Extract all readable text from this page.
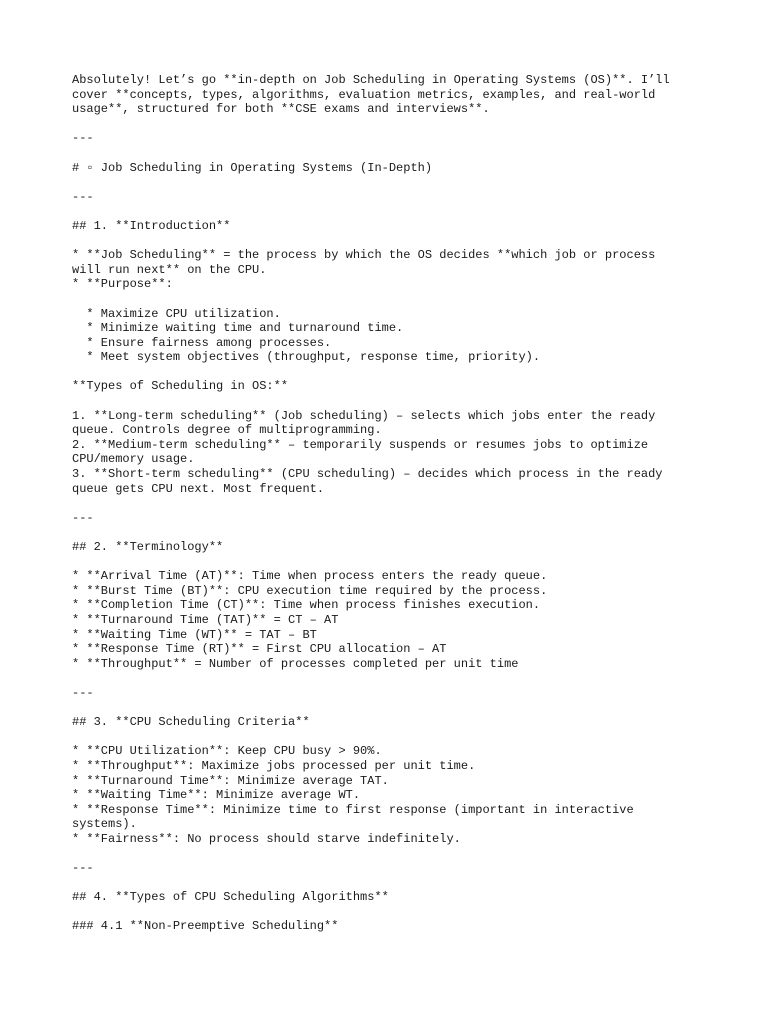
Absolutely! Let’s go **in-depth on Job Scheduling in Operating Systems (OS)**. I’ll
cover **concepts, types, algorithms, evaluation metrics, examples, and real-world
usage**, structured for both **CSE exams and interviews**.
---
# ▫ Job Scheduling in Operating Systems (In-Depth)
---
## 1. **Introduction**
* **Job Scheduling** = the process by which the OS decides **which job or process
will run next** on the CPU.
* **Purpose**:
* Maximize CPU utilization.
* Minimize waiting time and turnaround time.
* Ensure fairness among processes.
* Meet system objectives (throughput, response time, priority).
**Types of Scheduling in OS:**
1. **Long-term scheduling** (Job scheduling) – selects which jobs enter the ready
queue. Controls degree of multiprogramming.
2. **Medium-term scheduling** – temporarily suspends or resumes jobs to optimize
CPU/memory usage.
3. **Short-term scheduling** (CPU scheduling) – decides which process in the ready
queue gets CPU next. Most frequent.
---
## 2. **Terminology**
* **Arrival Time (AT)**: Time when process enters the ready queue.
* **Burst Time (BT)**: CPU execution time required by the process.
* **Completion Time (CT)**: Time when process finishes execution.
* **Turnaround Time (TAT)** = CT – AT
* **Waiting Time (WT)** = TAT – BT
* **Response Time (RT)** = First CPU allocation – AT
* **Throughput** = Number of processes completed per unit time
---
## 3. **CPU Scheduling Criteria**
* **CPU Utilization**: Keep CPU busy > 90%.
* **Throughput**: Maximize jobs processed per unit time.
* **Turnaround Time**: Minimize average TAT.
* **Waiting Time**: Minimize average WT.
* **Response Time**: Minimize time to first response (important in interactive
systems).
* **Fairness**: No process should starve indefinitely.
---
## 4. **Types of CPU Scheduling Algorithms**
### 4.1 **Non-Preemptive Scheduling**
